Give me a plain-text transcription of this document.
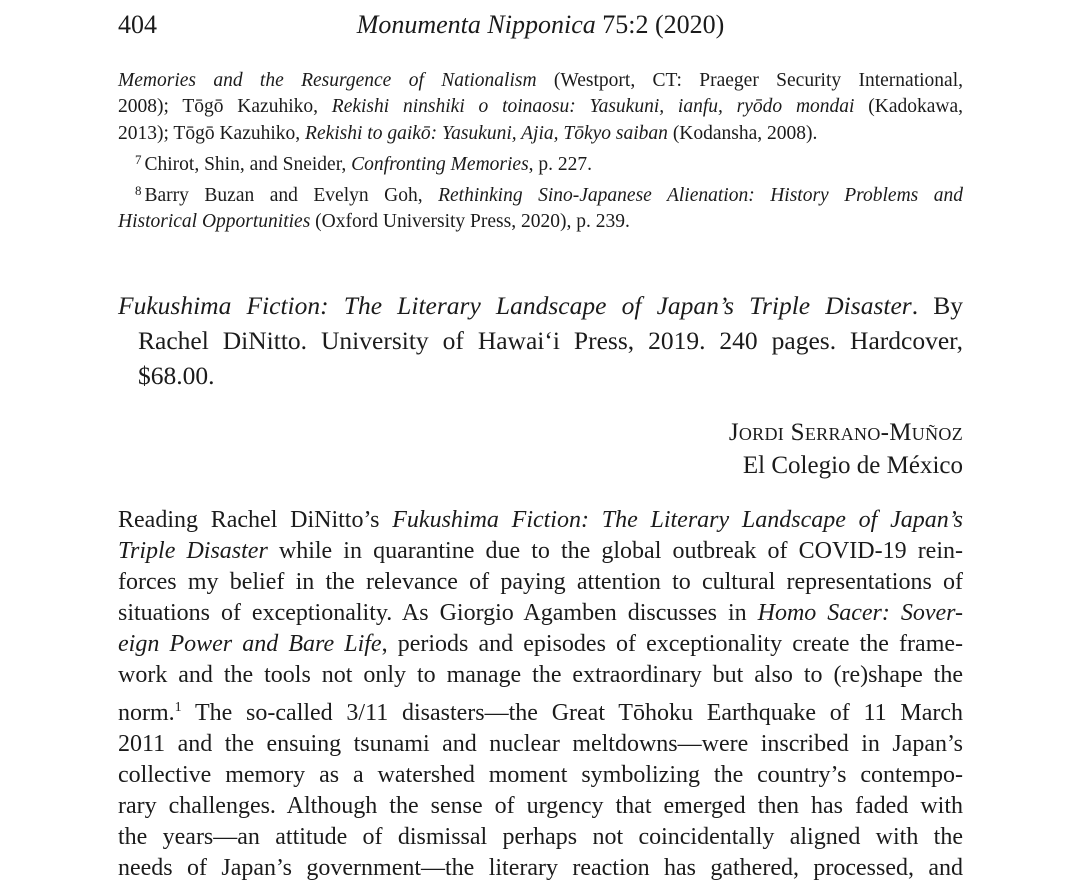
404	Monumenta Nipponica 75:2 (2020)
Memories and the Resurgence of Nationalism (Westport, CT: Praeger Security International,
2008); Tōgō Kazuhiko, Rekishi ninshiki o toinaosu: Yasukuni, ianfu, ryōdo mondai (Kadokawa,
2013); Tōgō Kazuhiko, Rekishi to gaikō: Yasukuni, Ajia, Tōkyo saiban (Kodansha, 2008).
$^7$ Chirot, Shin, and Sneider, Confronting Memories, p. 227.
$^8$ Barry Buzan and Evelyn Goh, Rethinking Sino-Japanese Alienation: History Problems and
Historical Opportunities (Oxford University Press, 2020), p. 239.
Fukushima Fiction: The Literary Landscape of Japan’s Triple Disaster. By
Rachel DiNitto. University of Hawai‘i Press, 2019. 240 pages. Hardcover,
$68.00.
Jordi Serrano-Muñoz
El Colegio de México
Reading Rachel DiNitto’s Fukushima Fiction: The Literary Landscape of Japan’s
Triple Disaster while in quarantine due to the global outbreak of COVID-19 rein-
forces my belief in the relevance of paying attention to cultural representations of
situations of exceptionality. As Giorgio Agamben discusses in Homo Sacer: Sover-
eign Power and Bare Life, periods and episodes of exceptionality create the frame-
work and the tools not only to manage the extraordinary but also to (re)shape the
norm.$^1$ The so-called 3/11 disasters—the Great Tōhoku Earthquake of 11 March
2011 and the ensuing tsunami and nuclear meltdowns—were inscribed in Japan’s
collective memory as a watershed moment symbolizing the country’s contempo-
rary challenges. Although the sense of urgency that emerged then has faded with
the years—an attitude of dismissal perhaps not coincidentally aligned with the
needs of Japan’s government—the literary reaction has gathered, processed, and
